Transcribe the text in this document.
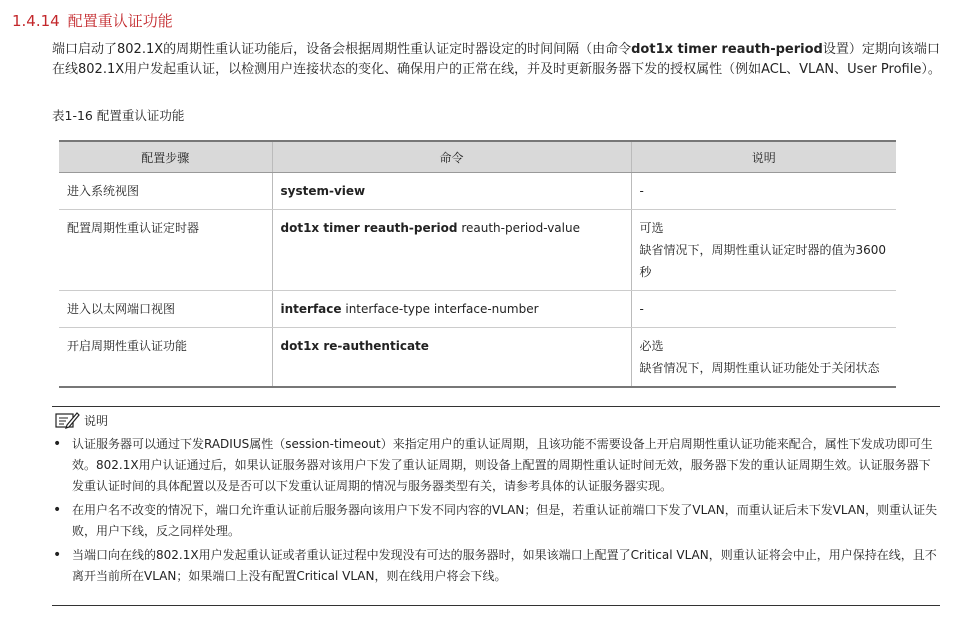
1.4.14 配置重认证功能
端口启动了802.1X的周期性重认证功能后，设备会根据周期性重认证定时器设定的时间间隔（由命令dot1x timer reauth-period设置）定期向该端口在线802.1X用户发起重认证，以检测用户连接状态的变化、确保用户的正常在线，并及时更新服务器下发的授权属性（例如ACL、VLAN、User Profile）。
表1-16 配置重认证功能
配置步骤	命令	说明
进入系统视图	system-view	-

配置周期性重认证定时器	dot1x timer reauth-period reauth-period-value	可选
缺省情况下，周期性重认证定时器的值为3600秒

进入以太网端口视图	interface interface-type interface-number	-

开启周期性重认证功能	dot1x re-authenticate	必选
缺省情况下，周期性重认证功能处于关闭状态
说明
• 认证服务器可以通过下发RADIUS属性（session-timeout）来指定用户的重认证周期，且该功能不需要设备上开启周期性重认证功能来配合，属性下发成功即可生效。802.1X用户认证通过后，如果认证服务器对该用户下发了重认证周期，则设备上配置的周期性重认证时间无效，服务器下发的重认证周期生效。认证服务器下发重认证时间的具体配置以及是否可以下发重认证周期的情况与服务器类型有关，请参考具体的认证服务器实现。
• 在用户名不改变的情况下，端口允许重认证前后服务器向该用户下发不同内容的VLAN；但是，若重认证前端口下发了VLAN，而重认证后未下发VLAN，则重认证失败，用户下线，反之同样处理。
• 当端口向在线的802.1X用户发起重认证或者重认证过程中发现没有可达的服务器时，如果该端口上配置了Critical VLAN，则重认证将会中止，用户保持在线，且不离开当前所在VLAN；如果端口上没有配置Critical VLAN，则在线用户将会下线。
